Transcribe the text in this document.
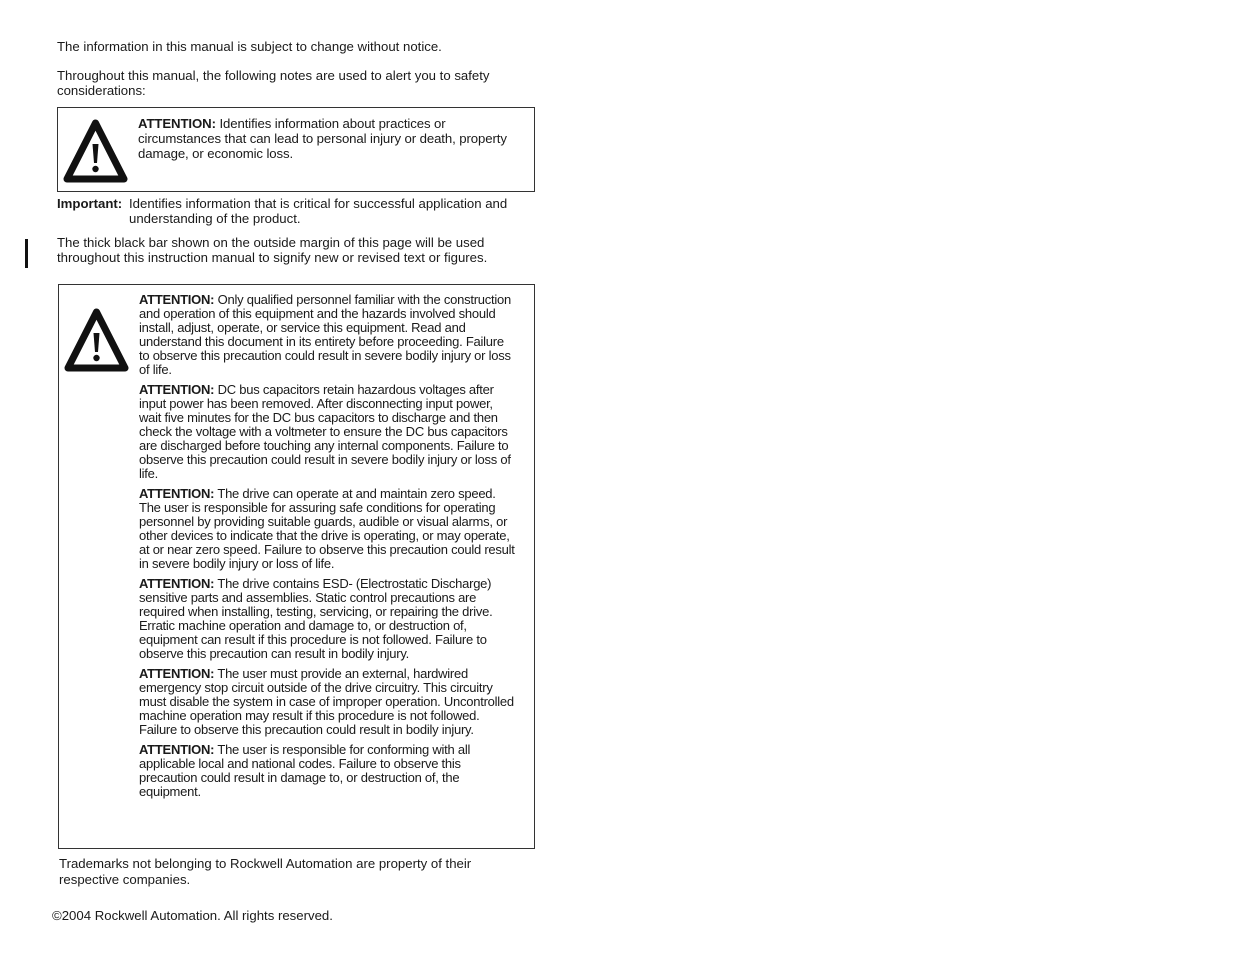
The information in this manual is subject to change without notice.

Throughout this manual, the following notes are used to alert you to safety considerations:

ATTENTION: Identifies information about practices or circumstances that can lead to personal injury or death, property damage, or economic loss.
Important: Identifies information that is critical for successful application and understanding of the product.

The thick black bar shown on the outside margin of this page will be used throughout this instruction manual to signify new or revised text or figures.

ATTENTION: Only qualified personnel familiar with the construction and operation of this equipment and the hazards involved should install, adjust, operate, or service this equipment. Read and understand this document in its entirety before proceeding. Failure to observe this precaution could result in severe bodily injury or loss of life.

ATTENTION: DC bus capacitors retain hazardous voltages after input power has been removed. After disconnecting input power, wait five minutes for the DC bus capacitors to discharge and then check the voltage with a voltmeter to ensure the DC bus capacitors are discharged before touching any internal components. Failure to observe this precaution could result in severe bodily injury or loss of life.

ATTENTION: The drive can operate at and maintain zero speed. The user is responsible for assuring safe conditions for operating personnel by providing suitable guards, audible or visual alarms, or other devices to indicate that the drive is operating, or may operate, at or near zero speed. Failure to observe this precaution could result in severe bodily injury or loss of life.

ATTENTION: The drive contains ESD- (Electrostatic Discharge) sensitive parts and assemblies. Static control precautions are required when installing, testing, servicing, or repairing the drive. Erratic machine operation and damage to, or destruction of, equipment can result if this procedure is not followed. Failure to observe this precaution can result in bodily injury.

ATTENTION: The user must provide an external, hardwired emergency stop circuit outside of the drive circuitry. This circuitry must disable the system in case of improper operation. Uncontrolled machine operation may result if this procedure is not followed. Failure to observe this precaution could result in bodily injury.

ATTENTION: The user is responsible for conforming with all applicable local and national codes. Failure to observe this precaution could result in damage to, or destruction of, the equipment.

Trademarks not belonging to Rockwell Automation are property of their respective companies.

©2004 Rockwell Automation. All rights reserved.
